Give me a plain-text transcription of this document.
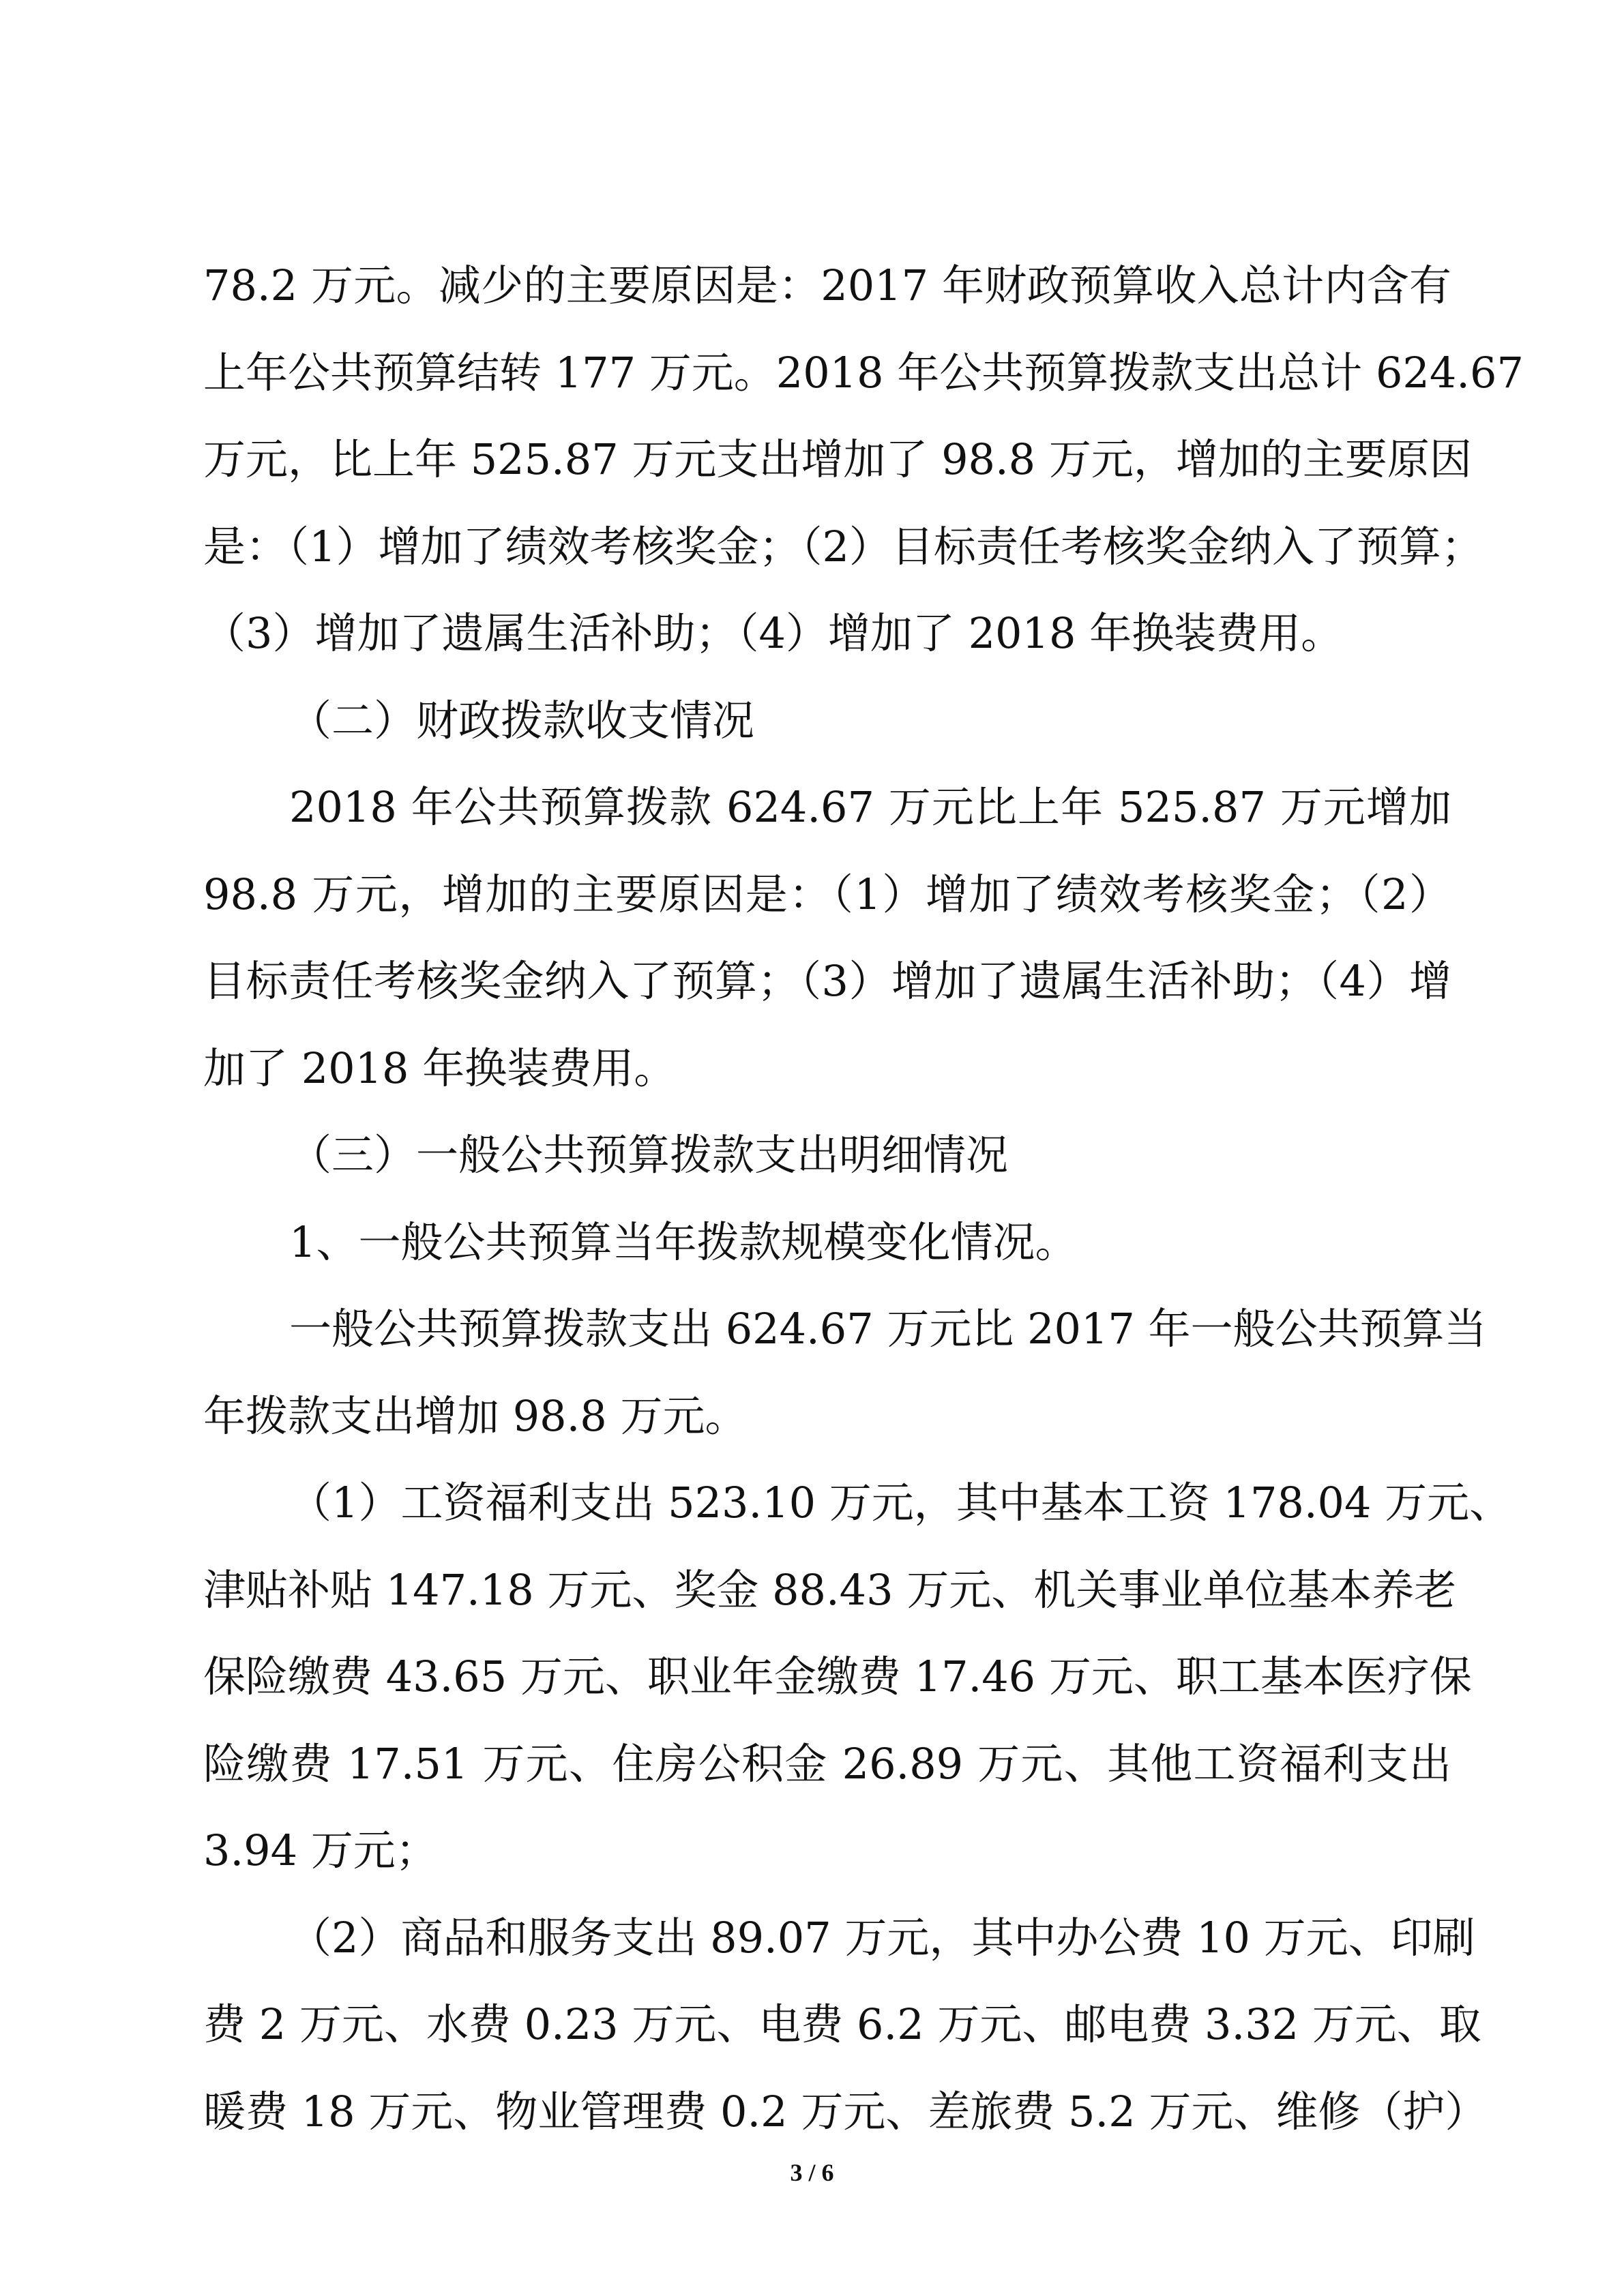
78.2 万元。减少的主要原因是：2017 年财政预算收入总计内含有
上年公共预算结转 177 万元。2018 年公共预算拨款支出总计 624.67
万元，比上年 525.87 万元支出增加了 98.8 万元，增加的主要原因
是：（1）增加了绩效考核奖金；（2）目标责任考核奖金纳入了预算；
（3）增加了遗属生活补助；（4）增加了 2018 年换装费用。
（二）财政拨款收支情况
2018 年公共预算拨款 624.67 万元比上年 525.87 万元增加
98.8 万元，增加的主要原因是：（1）增加了绩效考核奖金；（2）
目标责任考核奖金纳入了预算；（3）增加了遗属生活补助；（4）增
加了 2018 年换装费用。
（三）一般公共预算拨款支出明细情况
1、一般公共预算当年拨款规模变化情况。
一般公共预算拨款支出 624.67 万元比 2017 年一般公共预算当
年拨款支出增加 98.8 万元。
（1）工资福利支出 523.10 万元，其中基本工资 178.04 万元、
津贴补贴 147.18 万元、奖金 88.43 万元、机关事业单位基本养老
保险缴费 43.65 万元、职业年金缴费 17.46 万元、职工基本医疗保
险缴费 17.51 万元、住房公积金 26.89 万元、其他工资福利支出
3.94 万元；
（2）商品和服务支出 89.07 万元，其中办公费 10 万元、印刷
费 2 万元、水费 0.23 万元、电费 6.2 万元、邮电费 3.32 万元、取
暖费 18 万元、物业管理费 0.2 万元、差旅费 5.2 万元、维修（护）
3 / 6
